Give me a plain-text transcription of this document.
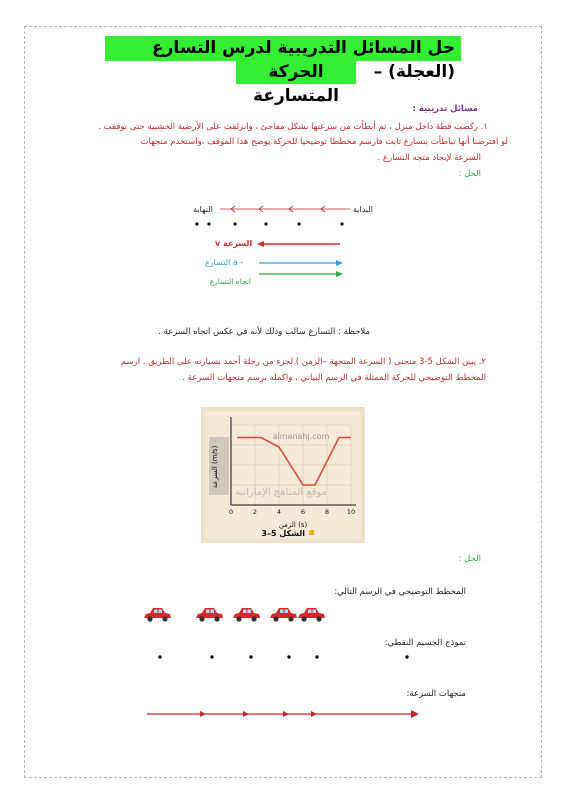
حل المسائل التدريبية لدرس التسارع (العجلة) –
الحركة المتسارعة
مسائل تدريبية :
١. ركضت قطة داخل منزل ، ثم أبطأت من سرعتها بشكل مفاجئ ، وانزلقت على الأرضية الخشبية حتى توقفت .
لو افترضنا أنها تباطأت بتسارع ثابت فارسم مخططا توضيحيا للحركة يوضح هذا الموقف ،واستخدم متجهات
السرعة لإيجاد متجه التسارع .
الحل :
النهاية	البداية
v السرعة
التسارع a -
اتجاه التسارع
ملاحظة : التسارع سالب وذلك لأنه في عكس اتجاه السرعة .
٢. يبين الشكل 5-3 منحنى ( السرعة المتجهة –الزمن ) لجزء من رحلة أحمد بسيارته على الطريق . ارسم
المخطط التوضيحي للحركة الممثلة في الرسم البياني ، واكمله برسم متجهات السرعة .
السرعة (m/s)
0	2	4	6	8	10
الزمن (s)
almanahj.com
موقع المناهج الإماراتية
الشكل 5–3
الحل :
المخطط التوضيحي في الرسم التالي:
نموذج الجسيم النقطي:
متجهات السرعة:
